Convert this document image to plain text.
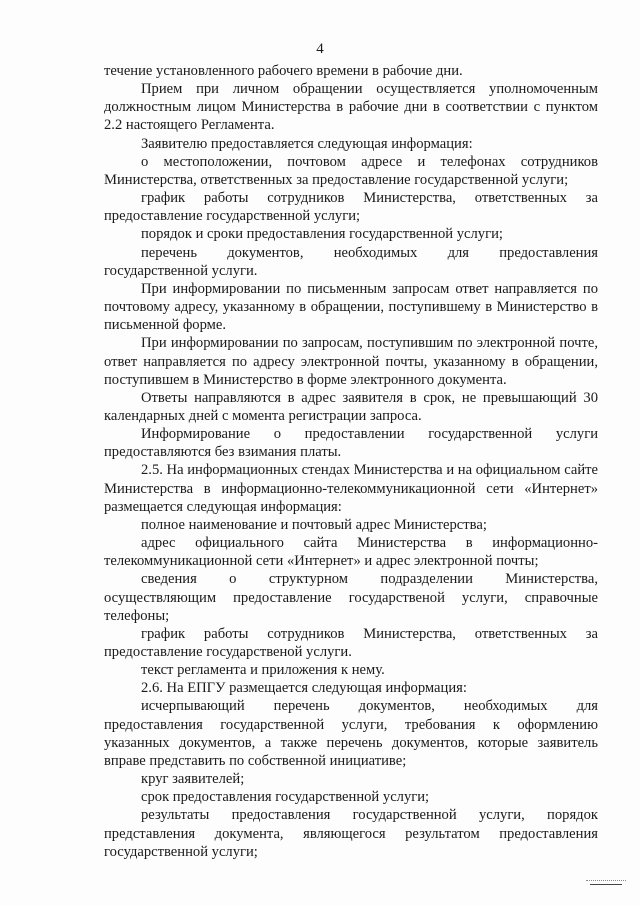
4

течение установленного рабочего времени в рабочие дни.

Прием при личном обращении осуществляется уполномоченным должностным лицом Министерства в рабочие дни в соответствии с пунктом 2.2 настоящего Регламента.

Заявителю предоставляется следующая информация:

о местоположении, почтовом адресе и телефонах сотрудников Министерства, ответственных за предоставление государственной услуги;

график работы сотрудников Министерства, ответственных за предоставление государственной услуги;

порядок и сроки предоставления государственной услуги;

перечень документов, необходимых для предоставления государственной услуги.

При информировании по письменным запросам ответ направляется по почтовому адресу, указанному в обращении, поступившему в Министерство в письменной форме.

При информировании по запросам, поступившим по электронной почте, ответ направляется по адресу электронной почты, указанному в обращении, поступившем в Министерство в форме электронного документа.

Ответы направляются в адрес заявителя в срок, не превышающий 30 календарных дней с момента регистрации запроса.

Информирование о предоставлении государственной услуги предоставляются без взимания платы.

2.5. На информационных стендах Министерства и на официальном сайте Министерства в информационно-телекоммуникационной сети «Интернет» размещается следующая информация:

полное наименование и почтовый адрес Министерства;

адрес официального сайта Министерства в информационно-телекоммуникационной сети «Интернет» и адрес электронной почты;

сведения о структурном подразделении Министерства, осуществляющим предоставление государственой услуги, справочные телефоны;

график работы сотрудников Министерства, ответственных за предоставление государственой услуги.

текст регламента и приложения к нему.

2.6. На ЕПГУ размещается следующая информация:

исчерпывающий перечень документов, необходимых для предоставления государственной услуги, требования к оформлению указанных документов, а также перечень документов, которые заявитель вправе представить по собственной инициативе;

круг заявителей;

срок предоставления государственной услуги;

результаты предоставления государственной услуги, порядок представления документа, являющегося результатом предоставления государственной услуги;
